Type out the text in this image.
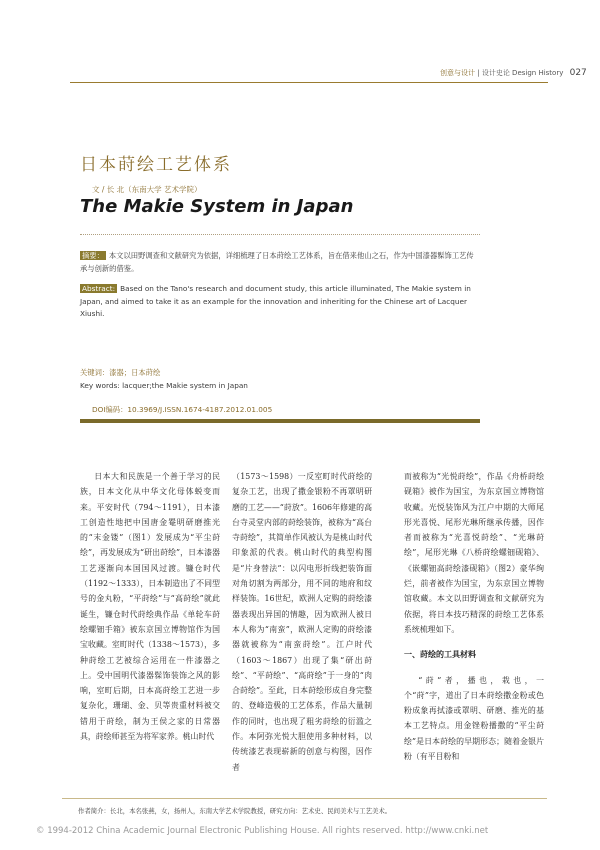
创意与设计 | 设计史论 Design History 027
日本莳绘工艺体系
文 / 长 北（东南大学 艺术学院）
The Makie System in Japan
摘要： 本文以田野调查和文献研究为依据，详细梳理了日本莳绘工艺体系，旨在借来他山之石，作为中国漆器髹饰工艺传承与创新的借鉴。
Abstract: Based on the Tano's research and document study, this article illuminated, The Makie system in Japan, and aimed to take it as an example for the innovation and inheriting for the Chinese art of Lacquer Xiushi.
关键词：漆器；日本莳绘
Key words: lacquer;the Makie system in Japan
DOI编码：10.3969/J.ISSN.1674-4187.2012.01.005
日本大和民族是一个善于学习的民族，日本文化从中华文化母体蜕变而来。平安时代（794～1191），日本漆工创造性地把中国唐金罨明研磨推光的“末金镂”（图1）发展成为“平尘莳绘”，再发展成为“研出莳绘”，日本漆器工艺逐渐向本国国风过渡。镰仓时代（1192～1333），日本制造出了不同型号的金丸粉，“平莳绘”与“高莳绘”就此诞生，镰仓时代莳绘典作品《单轮车莳绘螺钿手箱》被东京国立博物馆作为国宝收藏。室町时代（1338～1573），多种莳绘工艺被综合运用在一件漆器之上。受中国明代漆器髹饰装饰之风的影响，室町后期，日本高莳绘工艺进一步复杂化，珊瑚、金、贝等贵重材料被交错用于莳绘，制为王侯之家的日常器具，莳绘师甚至为将军家养。桃山时代
（1573～1598）一反室町时代莳绘的复杂工艺，出现了撒金银粉不再罩明研磨的工艺——“莳放”。1606年修建的高台寺灵堂内部的莳绘装饰，被称为“高台寺莳绘”，其简单作风被认为是桃山时代印象派的代表。桃山时代的典型构图是“片身替法”：以闪电形折线把装饰面对角切割为两部分，用不同的地府和纹样装饰。16世纪，欧洲人定购的莳绘漆器表现出异国的情趣，因为欧洲人被日本人称为“南蛮”，欧洲人定购的莳绘漆器就被称为“南蛮莳绘”。江户时代（1603～1867）出现了集“研出莳绘”、“平莳绘”、“高莳绘”于一身的“肉合莳绘”。至此，日本莳绘形成自身完整的、登峰造极的工艺体系，作品大量制作的同时，也出现了粗劣莳绘的衍滥之作。本阿弥光悦大胆使用多种材料，以传统漆艺表现崭新的创意与构图，因作者

而被称为“光悦莳绘”，作品《舟桥莳绘砚箱》被作为国宝，为东京国立博物馆收藏。光悦装饰风为江户中期的大师尾形光喜悦、尾形光琳所继承传播，因作者而被称为“光喜悦莳绘”、“光琳莳绘”，尾形光琳《八桥莳绘螺钿砚箱》、《嵌螺钿高莳绘漆砚箱》（图2）豪华绚烂，前者被作为国宝，为东京国立博物馆收藏。本文以田野调查和文献研究为依据，将日本技巧精深的莳绘工艺体系系统梳理如下。

一、莳绘的工具材料

“莳”者，播也，栽也，一个“莳”字，道出了日本莳绘撒金粉或色粉成象再拭漆或罩明、研磨、推光的基本工艺特点。用金锉粉播撒的“平尘莳绘”是日本莳绘的早期形态；随着金银片粉（有平目粉和

作者简介：长北，本名张燕，女，扬州人，东南大学艺术学院教授，研究方向：艺术史、民间美术与工艺美术。
© 1994-2012 China Academic Journal Electronic Publishing House. All rights reserved. http://www.cnki.net
